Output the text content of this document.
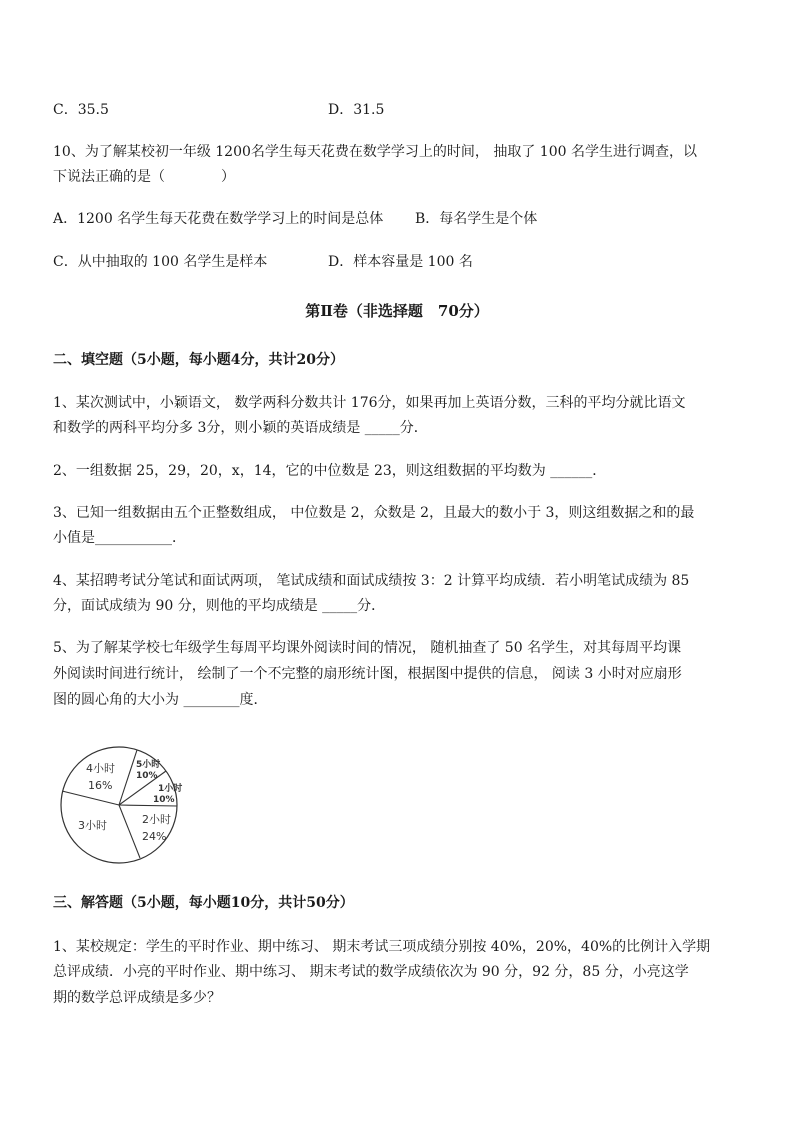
C．35.5	D．31.5
10、为了解某校初一年级 1200名学生每天花费在数学学习上的时间， 抽取了 100 名学生进行调查，以
下说法正确的是（　　　　）
A．1200 名学生每天花费在数学学习上的时间是总体 B．每名学生是个体
C．从中抽取的 100 名学生是样本	D．样本容量是 100 名
第Ⅱ卷（非选择题　70分）
二、填空题（5小题，每小题4分，共计20分）
1、某次测试中，小颖语文， 数学两科分数共计 176分，如果再加上英语分数，三科的平均分就比语文
和数学的两科平均分多 3分，则小颖的英语成绩是 _____分．
2、一组数据 25，29，20，x，14，它的中位数是 23，则这组数据的平均数为 ______．
3、已知一组数据由五个正整数组成， 中位数是 2，众数是 2，且最大的数小于 3，则这组数据之和的最
小值是___________．
4、某招聘考试分笔试和面试两项， 笔试成绩和面试成绩按 3：2 计算平均成绩．若小明笔试成绩为 85
分，面试成绩为 90 分，则他的平均成绩是 _____分．
5、为了解某学校七年级学生每周平均课外阅读时间的情况， 随机抽查了 50 名学生，对其每周平均课
外阅读时间进行统计， 绘制了一个不完整的扇形统计图，根据图中提供的信息， 阅读 3 小时对应扇形
图的圆心角的大小为 ________度．
4小时
16%
5小时
10%
1小时
10%
2小时
24%
3小时
三、解答题（5小题，每小题10分，共计50分）
1、某校规定：学生的平时作业、期中练习、 期末考试三项成绩分别按 40%，20%，40%的比例计入学期
总评成绩．小亮的平时作业、期中练习、 期末考试的数学成绩依次为 90 分，92 分，85 分，小亮这学
期的数学总评成绩是多少？
